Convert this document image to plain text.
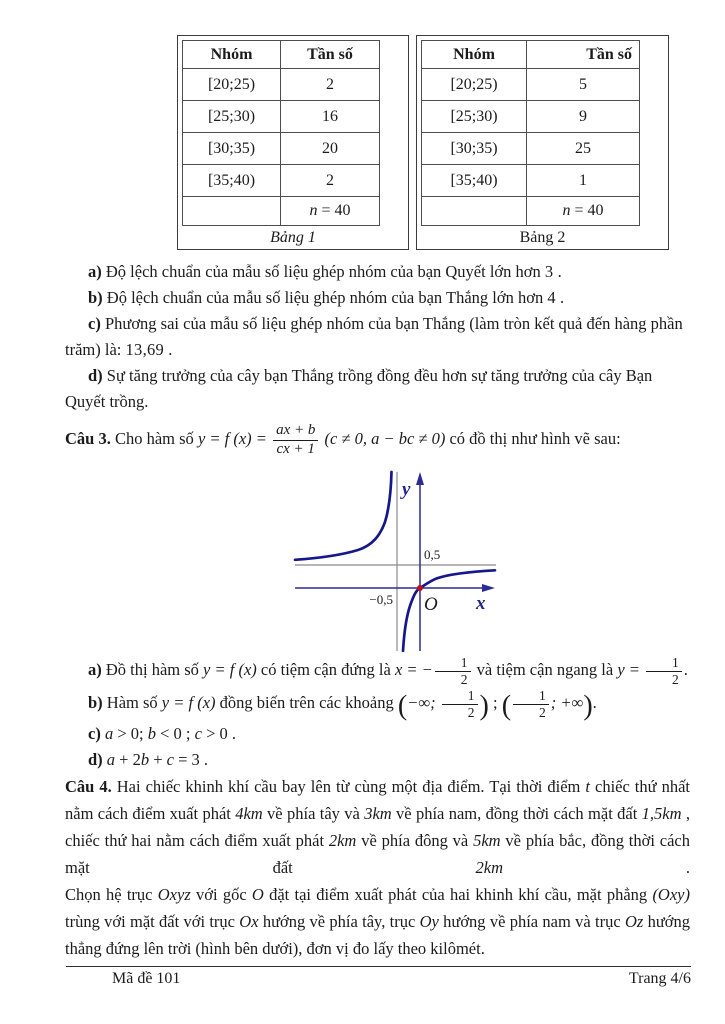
Nhóm	Tần số
[20;25)	2
[25;30)	16
[30;35)	20
[35;40)	2
	n = 40
Bảng 1
Nhóm	Tần số
[20;25)	5
[25;30)	9
[30;35)	25
[35;40)	1
	n = 40
Bảng 2

a) Độ lệch chuẩn của mẫu số liệu ghép nhóm của bạn Quyết lớn hơn 3 .

b) Độ lệch chuẩn của mẫu số liệu ghép nhóm của bạn Thắng lớn hơn 4 .

c) Phương sai của mẫu số liệu ghép nhóm của bạn Thắng (làm tròn kết quả đến hàng phần trăm) là: 13,69 .

d) Sự tăng trưởng của cây bạn Thắng trồng đồng đều hơn sự tăng trưởng của cây Bạn Quyết trồng.

Câu 3. Cho hàm số y = f $(x) = \frac{ax + b}{cx + 1} (c \ne 0$, a − bc ≠ 0) có đồ thị như hình vẽ sau:

y
x
O
0,5
−0,5

a) Đồ thị hàm số y = f (x) có tiệm cận đứng là x = − $\frac{1}{2}$ và tiệm cận ngang là $y = \frac{1}{2}$ .

b) Hàm số y = f (x) đồng biến trên các khoảng (−∞; $\frac{1}{2}$ ) ; ( $\frac{1}{2}$ ; +∞).

c) a > 0; b < 0 ; c > 0 .

d) a + 2b + c = 3 .

Câu 4. Hai chiếc khinh khí cầu bay lên từ cùng một địa điểm. Tại thời điểm t chiếc thứ nhất nằm cách điểm xuất phát 4km về phía tây và 3km về phía nam, đồng thời cách mặt đất 1,5km , chiếc thứ hai nằm cách điểm xuất phát 2km về phía đông và 5km về phía bắc, đồng thời cách mặt đất 2km .

Chọn hệ trục Oxyz với gốc O đặt tại điểm xuất phát của hai khinh khí cầu, mặt phẳng (Oxy) trùng với mặt đất với trục Ox hướng về phía tây, trục Oy hướng về phía nam và trục Oz hướng thẳng đứng lên trời (hình bên dưới), đơn vị đo lấy theo kilômét.

Mã đề 101	Trang 4/6
